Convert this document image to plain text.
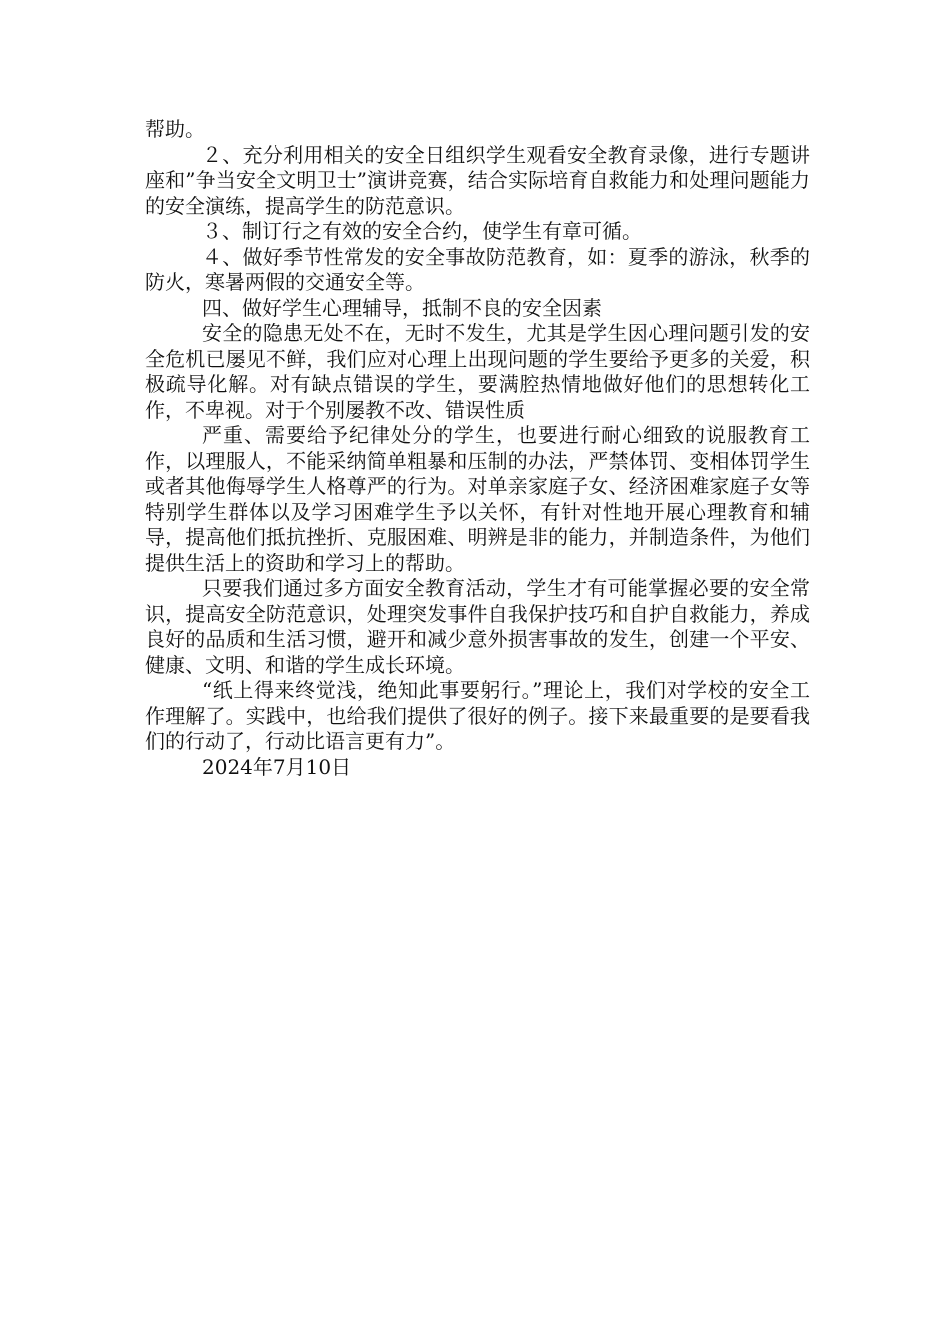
帮助。

２、充分利用相关的安全日组织学生观看安全教育录像，进行专题讲座和”争当安全文明卫士”演讲竞赛，结合实际培育自救能力和处理问题能力的安全演练，提高学生的防范意识。

３、制订行之有效的安全合约，使学生有章可循。

４、做好季节性常发的安全事故防范教育，如：夏季的游泳，秋季的防火，寒暑两假的交通安全等。

四、做好学生心理辅导，抵制不良的安全因素

安全的隐患无处不在，无时不发生，尤其是学生因心理问题引发的安全危机已屡见不鲜，我们应对心理上出现问题的学生要给予更多的关爱，积极疏导化解。对有缺点错误的学生，要满腔热情地做好他们的思想转化工作，不卑视。对于个别屡教不改、错误性质

严重、需要给予纪律处分的学生，也要进行耐心细致的说服教育工作，以理服人，不能采纳简单粗暴和压制的办法，严禁体罚、变相体罚学生或者其他侮辱学生人格尊严的行为。对单亲家庭子女、经济困难家庭子女等特别学生群体以及学习困难学生予以关怀，有针对性地开展心理教育和辅导，提高他们抵抗挫折、克服困难、明辨是非的能力，并制造条件，为他们提供生活上的资助和学习上的帮助。

只要我们通过多方面安全教育活动，学生才有可能掌握必要的安全常识，提高安全防范意识，处理突发事件自我保护技巧和自护自救能力，养成良好的品质和生活习惯，避开和减少意外损害事故的发生，创建一个平安、健康、文明、和谐的学生成长环境。

“纸上得来终觉浅，绝知此事要躬行。”理论上，我们对学校的安全工作理解了。实践中，也给我们提供了很好的例子。接下来最重要的是要看我们的行动了，行动比语言更有力”。

2024年7月10日
